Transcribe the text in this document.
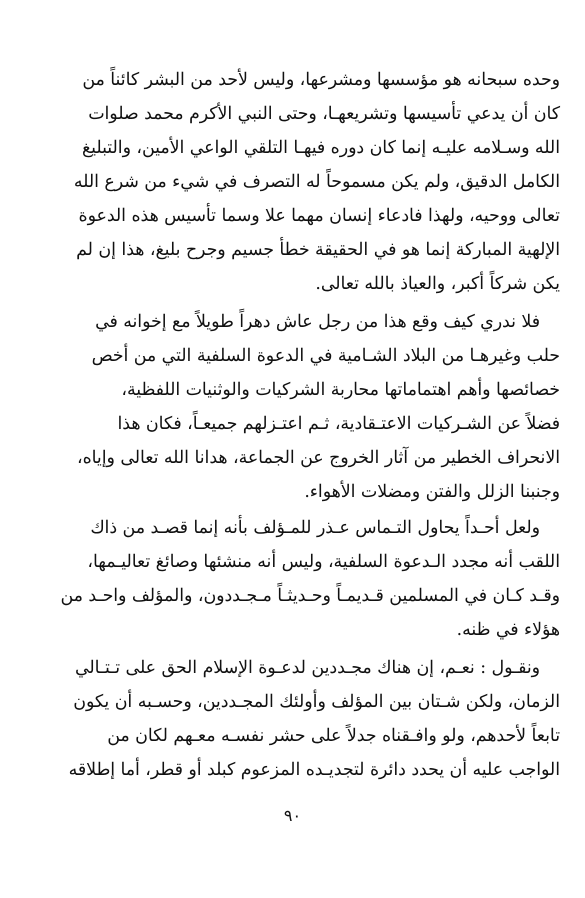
وحده سبحانه هو مؤسسها ومشرعها، وليس لأحد من البشر كائناً من
كان أن يدعي تأسيسها وتشريعهـا، وحتى النبي الأكرم محمد صلوات
الله وسـلامه عليـه إنما كان دوره فيهـا التلقي الواعي الأمين، والتبليغ
الكامل الدقيق، ولم يكن مسموحاً له التصرف في شيء من شرع الله
تعالى ووحيه، ولهذا فادعاء إنسان مهما علا وسما تأسيس هذه الدعوة
الإلهية المباركة إنما هو في الحقيقة خطأ جسيم وجرح بليغ، هذا إن لم
يكن شركاً أكبر، والعياذ بالله تعالى.
فلا ندري كيف وقع هذا من رجل عاش دهراً طويلاً مع إخوانه في
حلب وغيرهـا من البلاد الشـامية في الدعوة السلفية التي من أخص
خصائصها وأهم اهتماماتها محاربة الشركيات والوثنيات اللفظية،
فضلاً عن الشـركيات الاعتـقادية، ثـم اعتـزلهم جميعـاً، فكان هذا
الانحراف الخطير من آثار الخروج عن الجماعة، هدانا الله تعالى وإياه،
وجنبنا الزلل والفتن ومضلات الأهواء.
ولعل أحـداً يحاول التـماس عـذر للمـؤلف بأنه إنما قصـد من ذاك
اللقب أنه مجدد الـدعوة السلفية، وليس أنه منشئها وصائغ تعاليـمها،
وقـد كـان في المسلمين قـديمـاً وحـديثـاً مـجـددون، والمؤلف واحـد من
هؤلاء في ظنه.
ونقـول : نعـم، إن هناك مجـددين لدعـوة الإسلام الحق على تـتـالي
الزمان، ولكن شـتان بين المؤلف وأولئك المجـددين، وحسـبه أن يكون
تابعاً لأحدهم، ولو وافـقناه جدلاً على حشر نفسـه معـهم لكان من
الواجب عليه أن يحدد دائرة لتجديـده المزعوم كبلد أو قطر، أما إطلاقه
٩٠
